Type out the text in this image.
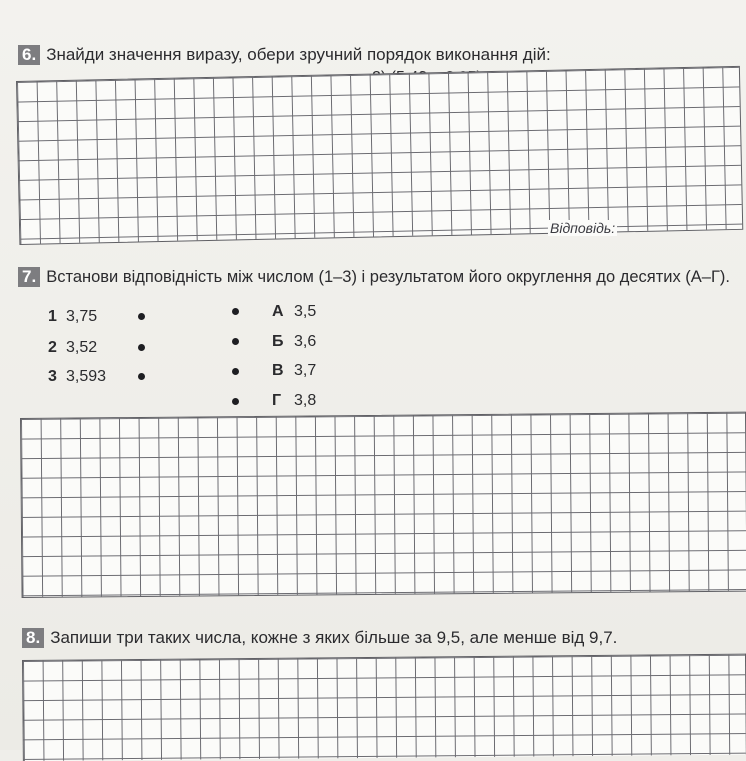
6. Знайди значення виразу, обери зручний порядок виконання дій:
Відповідь:
7. Встанови відповідність між числом (1–3) і результатом його округлення до десятих (А–Г).
1 3,75
2 3,52
3 3,593
А 3,5
Б 3,6
В 3,7
Г 3,8
8. Запиши три таких числа, кожне з яких більше за 9,5, але менше від 9,7.
